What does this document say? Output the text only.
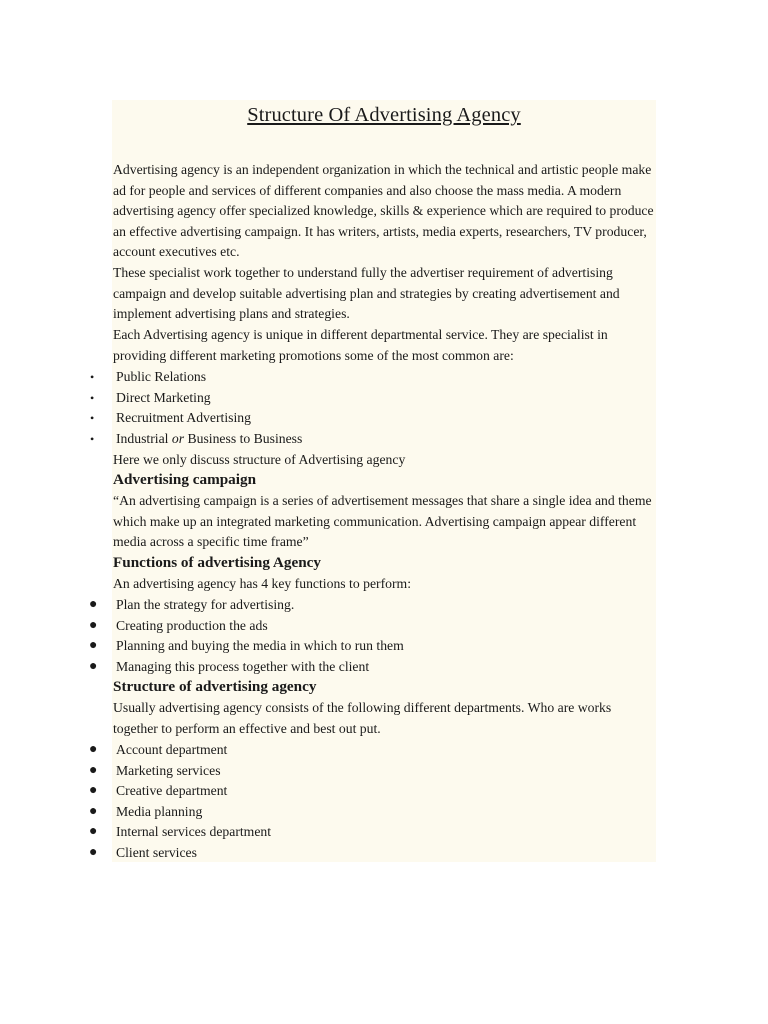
Structure Of Advertising Agency

Advertising agency is an independent organization in which the technical and artistic people make ad for people and services of different companies and also choose the mass media. A modern advertising agency offer specialized knowledge, skills & experience which are required to produce an effective advertising campaign. It has writers, artists, media experts, researchers, TV producer, account executives etc.

These specialist work together to understand fully the advertiser requirement of advertising campaign and develop suitable advertising plan and strategies by creating advertisement and implement advertising plans and strategies.

Each Advertising agency is unique in different departmental service. They are specialist in providing different marketing promotions some of the most common are:

• Public Relations
• Direct Marketing
• Recruitment Advertising
• Industrial or Business to Business

Here we only discuss structure of Advertising agency

Advertising campaign

“An advertising campaign is a series of advertisement messages that share a single idea and theme which make up an integrated marketing communication. Advertising campaign appear different media across a specific time frame”

Functions of advertising Agency

An advertising agency has 4 key functions to perform:

● Plan the strategy for advertising.
● Creating production the ads
● Planning and buying the media in which to run them
● Managing this process together with the client
Structure of advertising agency

Usually advertising agency consists of the following different departments. Who are works together to perform an effective and best out put.

● Account department
● Marketing services
● Creative department
● Media planning
● Internal services department
● Client services
